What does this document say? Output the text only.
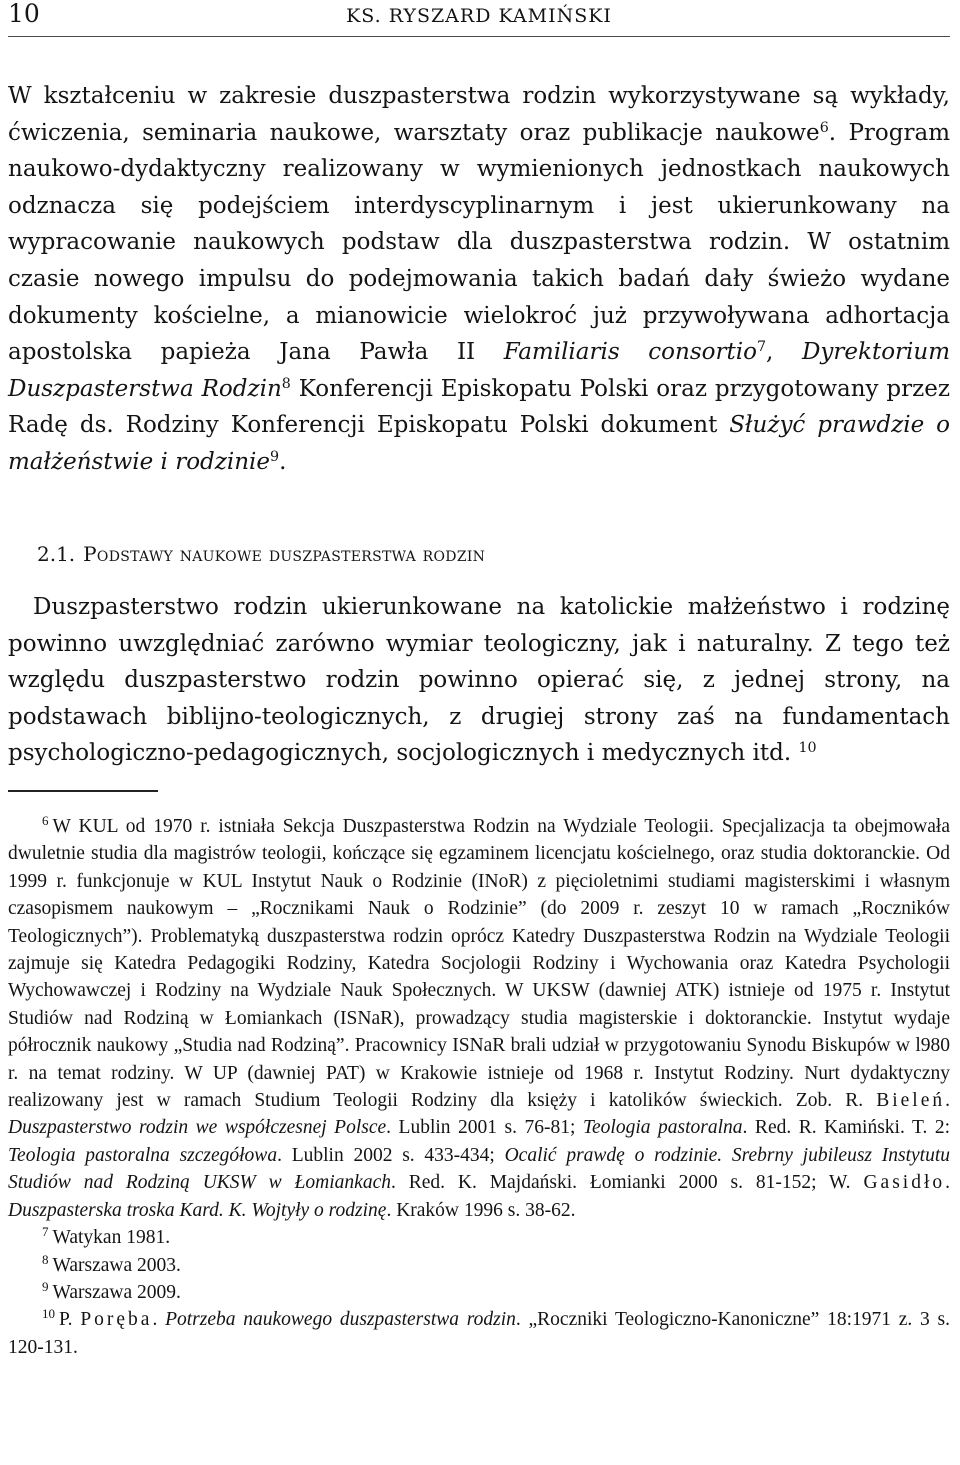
10	KS. RYSZARD KAMIŃSKI

W kształceniu w zakresie duszpasterstwa rodzin wykorzystywane są wykłady, ćwiczenia, seminaria naukowe, warsztaty oraz publikacje naukowe$^6$. Program naukowo-dydaktyczny realizowany w wymienionych jednostkach naukowych odznacza się podejściem interdyscyplinarnym i jest ukierunkowany na wypracowanie naukowych podstaw dla duszpasterstwa rodzin. W ostatnim czasie nowego impulsu do podejmowania takich badań dały świeżo wydane dokumenty kościelne, a mianowicie wielokroć już przywoływana adhortacja apostolska papieża Jana Pawła II Familiaris consortio$^7$, Dyrektorium Duszpasterstwa Rodzin$^8$ Konferencji Episkopatu Polski oraz przygotowany przez Radę ds. Rodziny Konferencji Episkopatu Polski dokument Służyć prawdzie o małżeństwie i rodzinie$^9$.

2.1. Podstawy naukowe duszpasterstwa rodzin

Duszpasterstwo rodzin ukierunkowane na katolickie małżeństwo i rodzinę powinno uwzględniać zarówno wymiar teologiczny, jak i naturalny. Z tego też względu duszpasterstwo rodzin powinno opierać się, z jednej strony, na podstawach biblijno-teologicznych, z drugiej strony zaś na fundamentach psychologiczno-pedagogicznych, socjologicznych i medycznych itd. $^{10}$

$^6$ W KUL od 1970 r. istniała Sekcja Duszpasterstwa Rodzin na Wydziale Teologii. Specjalizacja ta obejmowała dwuletnie studia dla magistrów teologii, kończące się egzaminem licencjatu kościelnego, oraz studia doktoranckie. Od 1999 r. funkcjonuje w KUL Instytut Nauk o Rodzinie (INoR) z pięcioletnimi studiami magisterskimi i własnym czasopismem naukowym – „Rocznikami Nauk o Rodzinie” (do 2009 r. zeszyt 10 w ramach „Roczników Teologicznych”). Problematyką duszpasterstwa rodzin oprócz Katedry Duszpasterstwa Rodzin na Wydziale Teologii zajmuje się Katedra Pedagogiki Rodziny, Katedra Socjologii Rodziny i Wychowania oraz Katedra Psychologii Wychowawczej i Rodziny na Wydziale Nauk Społecznych. W UKSW (dawniej ATK) istnieje od 1975 r. Instytut Studiów nad Rodziną w Łomiankach (ISNaR), prowadzący studia magisterskie i doktoranckie. Instytut wydaje półrocznik naukowy „Studia nad Rodziną”. Pracownicy ISNaR brali udział w przygotowaniu Synodu Biskupów w l980 r. na temat rodziny. W UP (dawniej PAT) w Krakowie istnieje od 1968 r. Instytut Rodziny. Nurt dydaktyczny realizowany jest w ramach Studium Teologii Rodziny dla księży i katolików świeckich. Zob. R. Bieleń. Duszpasterstwo rodzin we współczesnej Polsce. Lublin 2001 s. 76-81; Teologia pastoralna. Red. R. Kamiński. T. 2: Teologia pastoralna szczegółowa. Lublin 2002 s. 433-434; Ocalić prawdę o rodzinie. Srebrny jubileusz Instytutu Studiów nad Rodziną UKSW w Łomiankach. Red. K. Majdański. Łomianki 2000 s. 81-152; W. Gasidło. Duszpasterska troska Kard. K. Wojtyły o rodzinę. Kraków 1996 s. 38-62.

$^7$ Watykan 1981.

$^8$ Warszawa 2003.

$^9$ Warszawa 2009.

$^{10}$ P. Poręba. Potrzeba naukowego duszpasterstwa rodzin. „Roczniki Teologiczno-Kanoniczne” 18:1971 z. 3 s. 120-131.
